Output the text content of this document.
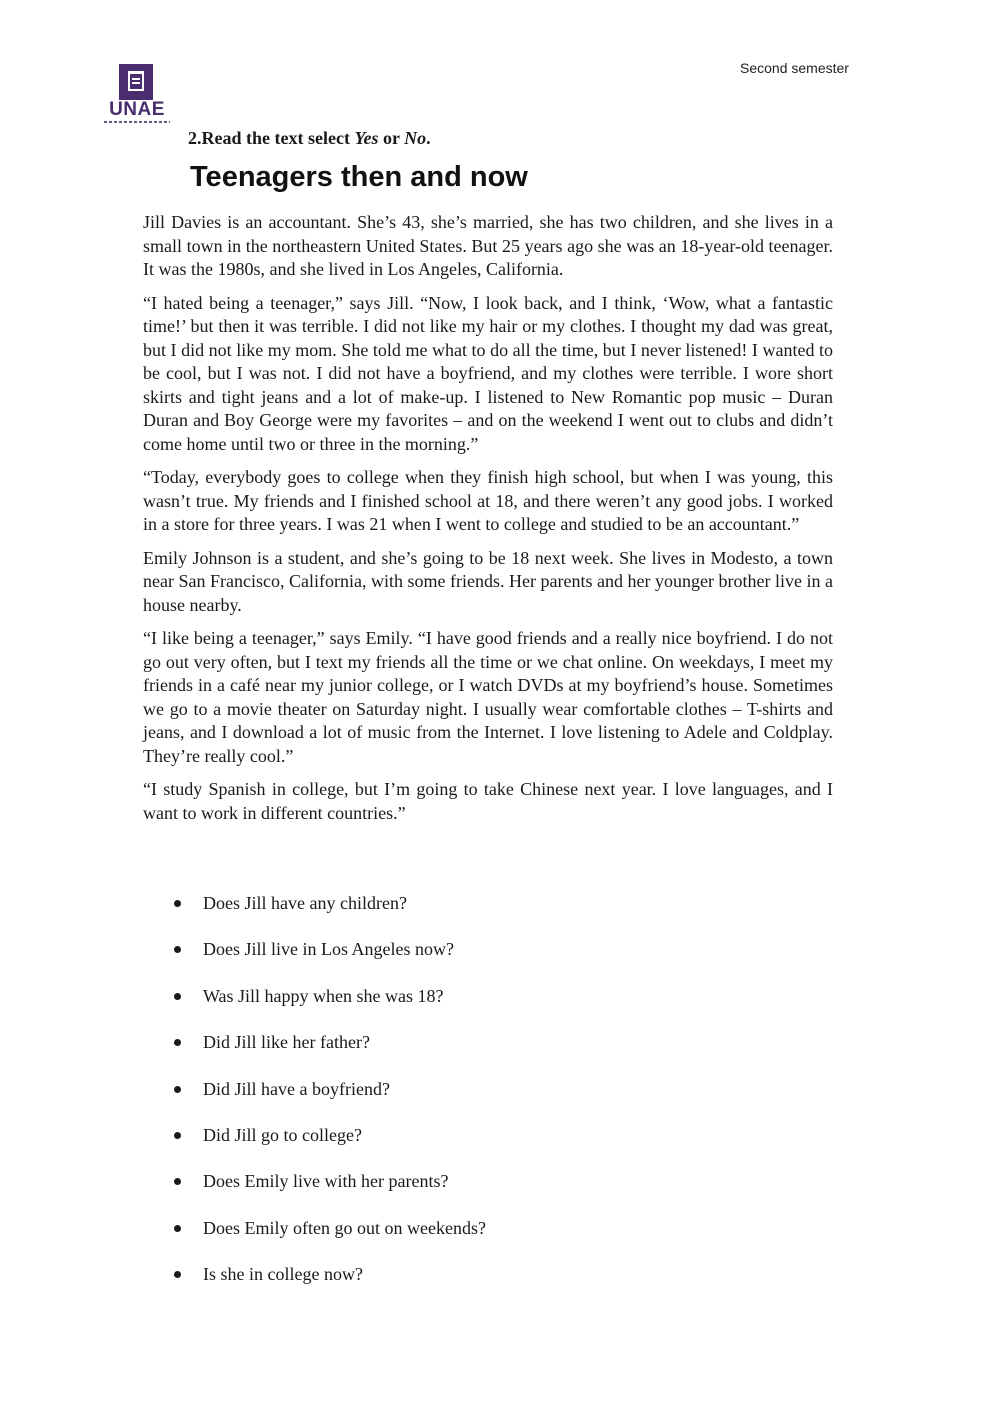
Second semester
UNAE
2.Read the text select Yes or No.
Teenagers then and now

Jill Davies is an accountant. She’s 43, she’s married, she has two children, and she lives in a small town in the northeastern United States. But 25 years ago she was an 18-year-old teenager. It was the 1980s, and she lived in Los Angeles, California.

“I hated being a teenager,” says Jill. “Now, I look back, and I think, ‘Wow, what a fantastic time!’ but then it was terrible. I did not like my hair or my clothes. I thought my dad was great, but I did not like my mom. She told me what to do all the time, but I never listened! I wanted to be cool, but I was not. I did not have a boyfriend, and my clothes were terrible. I wore short skirts and tight jeans and a lot of make-up. I listened to New Romantic pop music – Duran Duran and Boy George were my favorites – and on the weekend I went out to clubs and didn’t come home until two or three in the morning.”

“Today, everybody goes to college when they finish high school, but when I was young, this wasn’t true. My friends and I finished school at 18, and there weren’t any good jobs. I worked in a store for three years. I was 21 when I went to college and studied to be an accountant.”

Emily Johnson is a student, and she’s going to be 18 next week. She lives in Modesto, a town near San Francisco, California, with some friends. Her parents and her younger brother live in a house nearby.

“I like being a teenager,” says Emily. “I have good friends and a really nice boyfriend. I do not go out very often, but I text my friends all the time or we chat online. On weekdays, I meet my friends in a café near my junior college, or I watch DVDs at my boyfriend’s house. Sometimes we go to a movie theater on Saturday night. I usually wear comfortable clothes – T-shirts and jeans, and I download a lot of music from the Internet. I love listening to Adele and Coldplay. They’re really cool.”

“I study Spanish in college, but I’m going to take Chinese next year. I love languages, and I want to work in different countries.”

Does Jill have any children?
Does Jill live in Los Angeles now?
Was Jill happy when she was 18?
Did Jill like her father?
Did Jill have a boyfriend?
Did Jill go to college?
Does Emily live with her parents?
Does Emily often go out on weekends?
Is she in college now?
